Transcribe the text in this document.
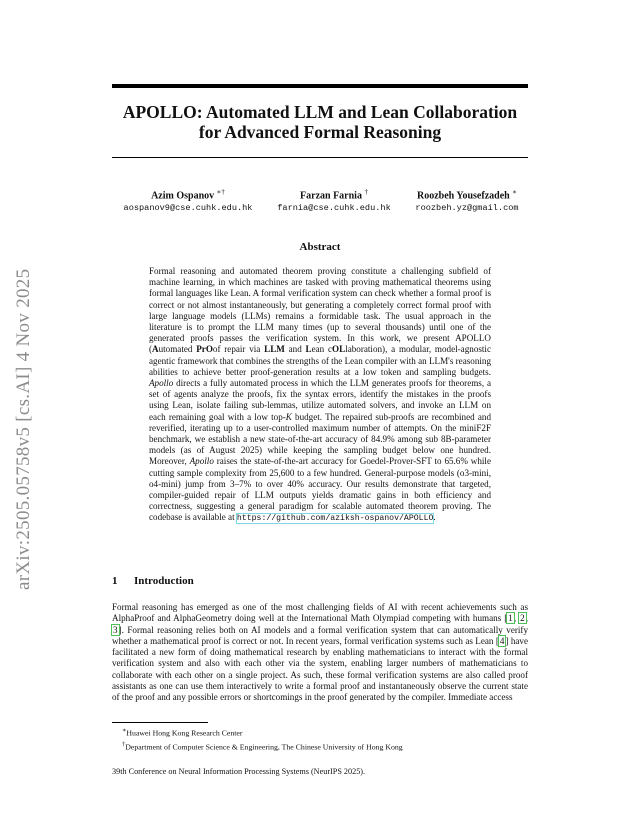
arXiv:2505.05758v5 [cs.AI] 4 Nov 2025
APOLLO: Automated LLM and Lean Collaboration
for Advanced Formal Reasoning
Azim Ospanov ∗†
aospanov9@cse.cuhk.edu.hk
Farzan Farnia †
farnia@cse.cuhk.edu.hk
Roozbeh Yousefzadeh ∗
roozbeh.yz@gmail.com
Abstract
Formal reasoning and automated theorem proving constitute a challenging subfield of machine learning, in which machines are tasked with proving mathematical theorems using formal languages like Lean. A formal verification system can check whether a formal proof is correct or not almost instantaneously, but generating a completely correct formal proof with large language models (LLMs) remains a formidable task. The usual approach in the literature is to prompt the LLM many times (up to several thousands) until one of the generated proofs passes the verification system. In this work, we present APOLLO (Automated PrOof repair via LLM and Lean cOLlaboration), a modular, model-agnostic agentic framework that combines the strengths of the Lean compiler with an LLM's reasoning abilities to achieve better proof-generation results at a low token and sampling budgets. Apollo directs a fully automated process in which the LLM generates proofs for theorems, a set of agents analyze the proofs, fix the syntax errors, identify the mistakes in the proofs using Lean, isolate failing sub-lemmas, utilize automated solvers, and invoke an LLM on each remaining goal with a low top-K budget. The repaired sub-proofs are recombined and reverified, iterating up to a user-controlled maximum number of attempts. On the miniF2F benchmark, we establish a new state-of-the-art accuracy of 84.9% among sub 8B-parameter models (as of August 2025) while keeping the sampling budget below one hundred. Moreover, Apollo raises the state-of-the-art accuracy for Goedel-Prover-SFT to 65.6% while cutting sample complexity from 25,600 to a few hundred. General-purpose models (o3-mini, o4-mini) jump from 3–7% to over 40% accuracy. Our results demonstrate that targeted, compiler-guided repair of LLM outputs yields dramatic gains in both efficiency and correctness, suggesting a general paradigm for scalable automated theorem proving. The codebase is available at https://github.com/aziksh-ospanov/APOLLO.
1 Introduction
Formal reasoning has emerged as one of the most challenging fields of AI with recent achievements such as AlphaProof and AlphaGeometry doing well at the International Math Olympiad competing with humans [1, 2, 3]. Formal reasoning relies both on AI models and a formal verification system that can automatically verify whether a mathematical proof is correct or not. In recent years, formal verification systems such as Lean [4] have facilitated a new form of doing mathematical research by enabling mathematicians to interact with the formal verification system and also with each other via the system, enabling larger numbers of mathematicians to collaborate with each other on a single project. As such, these formal verification systems are also called proof assistants as one can use them interactively to write a formal proof and instantaneously observe the current state of the proof and any possible errors or shortcomings in the proof generated by the compiler. Immediate access
∗Huawei Hong Kong Research Center
†Department of Computer Science & Engineering, The Chinese University of Hong Kong
39th Conference on Neural Information Processing Systems (NeurIPS 2025).
